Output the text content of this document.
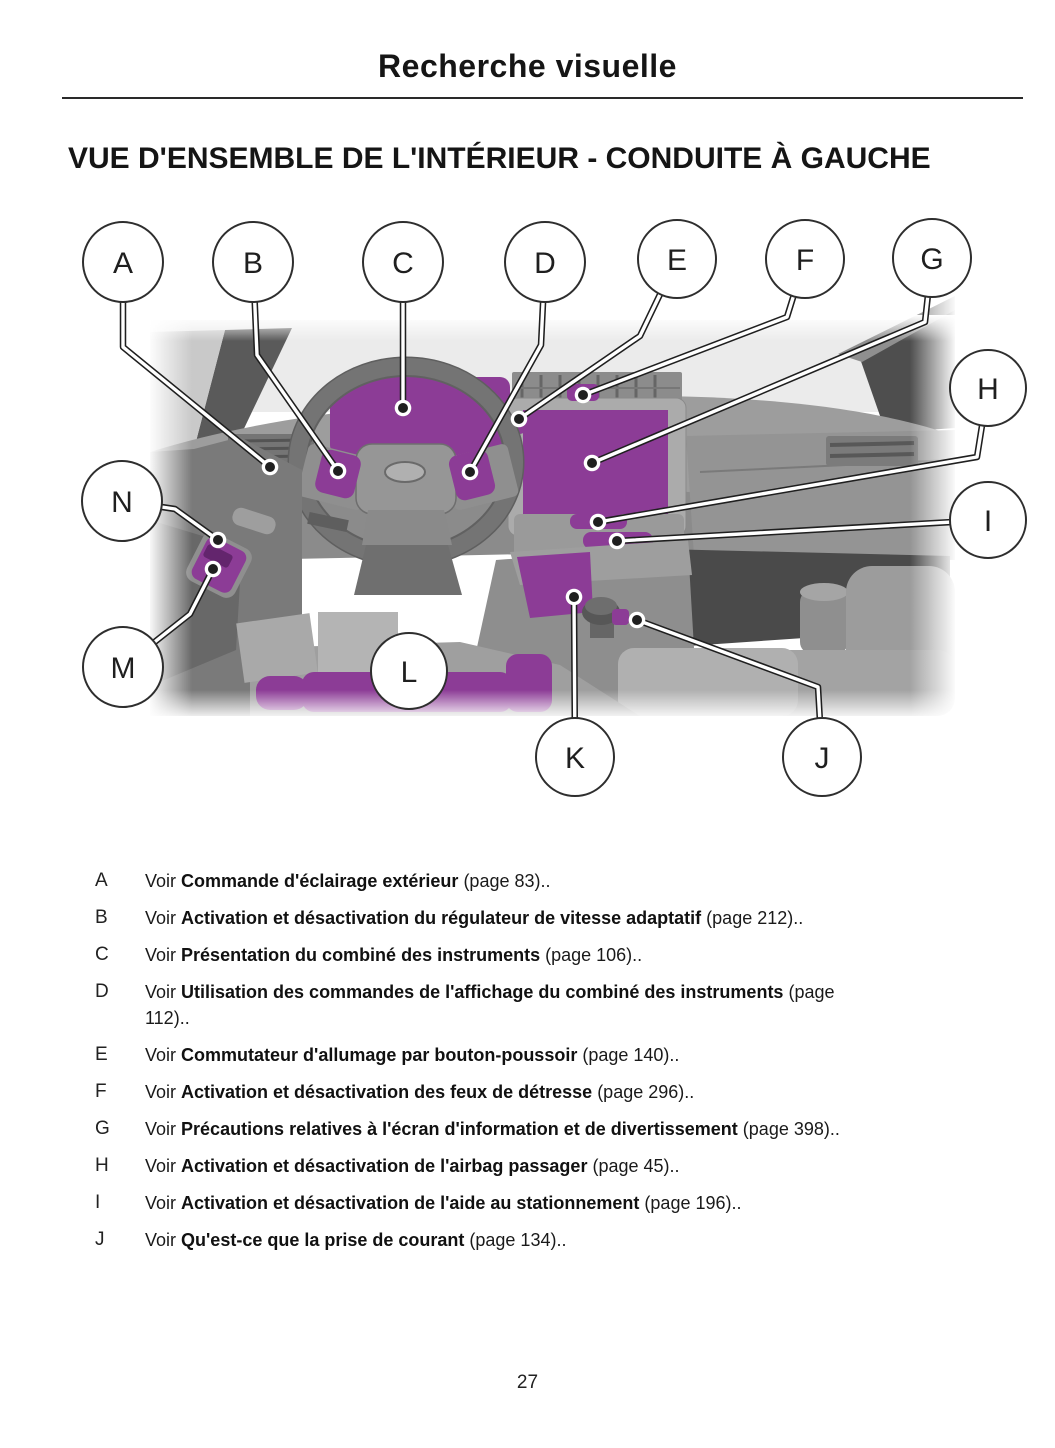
Recherche visuelle
VUE D'ENSEMBLE DE L'INTÉRIEUR - CONDUITE À GAUCHE
A	B	C	D	E	F	G
H
I
J
K
L
M
N
A	Voir Commande d'éclairage extérieur (page 83)..
B	Voir Activation et désactivation du régulateur de vitesse adaptatif (page 212)..
C	Voir Présentation du combiné des instruments (page 106)..
D	Voir Utilisation des commandes de l'affichage du combiné des instruments (page 112)..
E	Voir Commutateur d'allumage par bouton-poussoir (page 140)..
F	Voir Activation et désactivation des feux de détresse (page 296)..
G	Voir Précautions relatives à l'écran d'information et de divertissement (page 398)..
H	Voir Activation et désactivation de l'airbag passager (page 45)..
I	Voir Activation et désactivation de l'aide au stationnement (page 196)..
J	Voir Qu'est-ce que la prise de courant (page 134)..
27
